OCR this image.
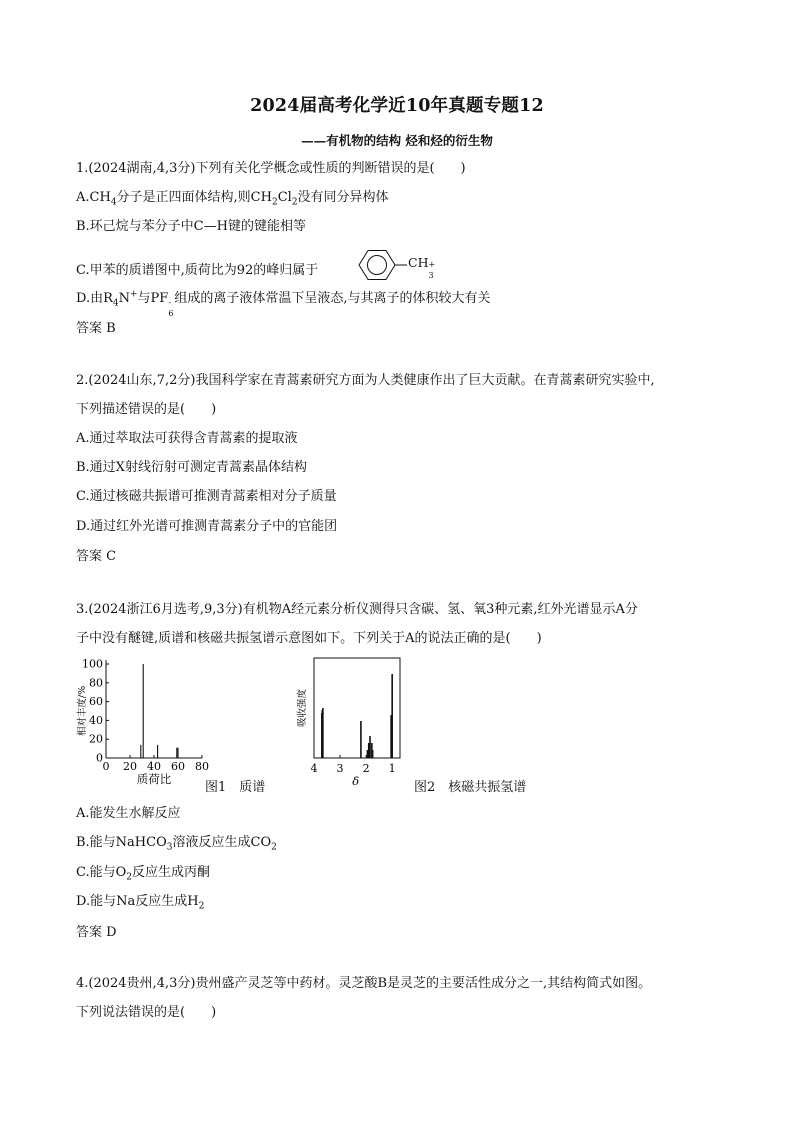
2024届高考化学近10年真题专题12
——有机物的结构 烃和烃的衍生物
1.(2024湖南,4,3分)下列有关化学概念或性质的判断错误的是(　　)
$A.CH_4$分子是正四面体结构,则$CH_2Cl_2$没有同分异构体
B.环己烷与苯分子中C—H键的键能相等
C.甲苯的质谱图中,质荷比为92的峰归属于
CH +
3
D.由$R_4N^+$与PF -
6
组成的离子液体常温下呈液态,与其离子的体积较大有关
答案 B
2.(2024山东,7,2分)我国科学家在青蒿素研究方面为人类健康作出了巨大贡献。在青蒿素研究实验中,
下列描述错误的是(　　)
A.通过萃取法可获得含青蒿素的提取液
B.通过X射线衍射可测定青蒿素晶体结构
C.通过核磁共振谱可推测青蒿素相对分子质量
D.通过红外光谱可推测青蒿素分子中的官能团
答案 C
3.(2024浙江6月选考,9,3分)有机物A经元素分析仪测得只含碳、氢、氧3种元素,红外光谱显示A分
子中没有醚键,质谱和核磁共振氢谱示意图如下。下列关于A的说法正确的是(　　)
0
20
40
60
80
100
0 20 40 60 80
质荷比
相对丰度/%
图1　质谱
4 3 2 1
δ
吸收强度
图2　核磁共振氢谱
A.能发生水解反应
B.能与NaHCO$_3$溶液反应生成$CO_2$
C.能与$O_2$反应生成丙酮
D.能与Na反应生成$H_2$
答案 D
4.(2024贵州,4,3分)贵州盛产灵芝等中药材。灵芝酸B是灵芝的主要活性成分之一,其结构简式如图。
下列说法错误的是(　　)
